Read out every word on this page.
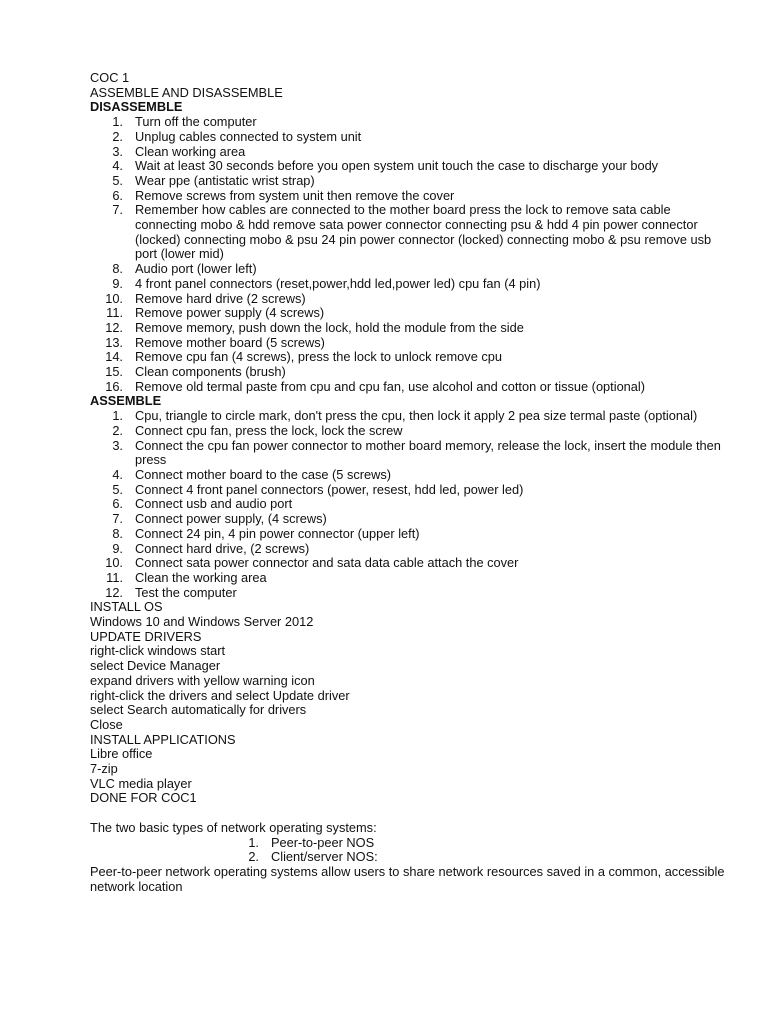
COC 1
ASSEMBLE AND DISASSEMBLE
DISASSEMBLE
1. Turn off the computer
2. Unplug cables connected to system unit
3. Clean working area
4. Wait at least 30 seconds before you open system unit touch the case to discharge your body
5. Wear ppe (antistatic wrist strap)
6. Remove screws from system unit then remove the cover
7. Remember how cables are connected to the mother board press the lock to remove sata cable connecting mobo & hdd remove sata power connector connecting psu & hdd 4 pin power connector (locked) connecting mobo & psu 24 pin power connector (locked) connecting mobo & psu remove usb port (lower mid)
8. Audio port (lower left)
9. 4 front panel connectors (reset,power,hdd led,power led) cpu fan (4 pin)
10. Remove hard drive (2 screws)
11. Remove power supply (4 screws)
12. Remove memory, push down the lock, hold the module from the side
13. Remove mother board (5 screws)
14. Remove cpu fan (4 screws), press the lock to unlock remove cpu
15. Clean components (brush)
16. Remove old termal paste from cpu and cpu fan, use alcohol and cotton or tissue (optional)
ASSEMBLE
1. Cpu, triangle to circle mark, don't press the cpu, then lock it apply 2 pea size termal paste (optional)
2. Connect cpu fan, press the lock, lock the screw
3. Connect the cpu fan power connector to mother board memory, release the lock, insert the module then press
4. Connect mother board to the case (5 screws)
5. Connect 4 front panel connectors (power, resest, hdd led, power led)
6. Connect usb and audio port
7. Connect power supply, (4 screws)
8. Connect 24 pin, 4 pin power connector (upper left)
9. Connect hard drive, (2 screws)
10. Connect sata power connector and sata data cable attach the cover
11. Clean the working area
12. Test the computer
INSTALL OS
Windows 10 and Windows Server 2012
UPDATE DRIVERS
right-click windows start
select Device Manager
expand drivers with yellow warning icon
right-click the drivers and select Update driver
select Search automatically for drivers
Close
INSTALL APPLICATIONS
Libre office
7-zip
VLC media player
DONE FOR COC1
The two basic types of network operating systems:
1. Peer-to-peer NOS
2. Client/server NOS:
Peer-to-peer network operating systems allow users to share network resources saved in a common, accessible network location
